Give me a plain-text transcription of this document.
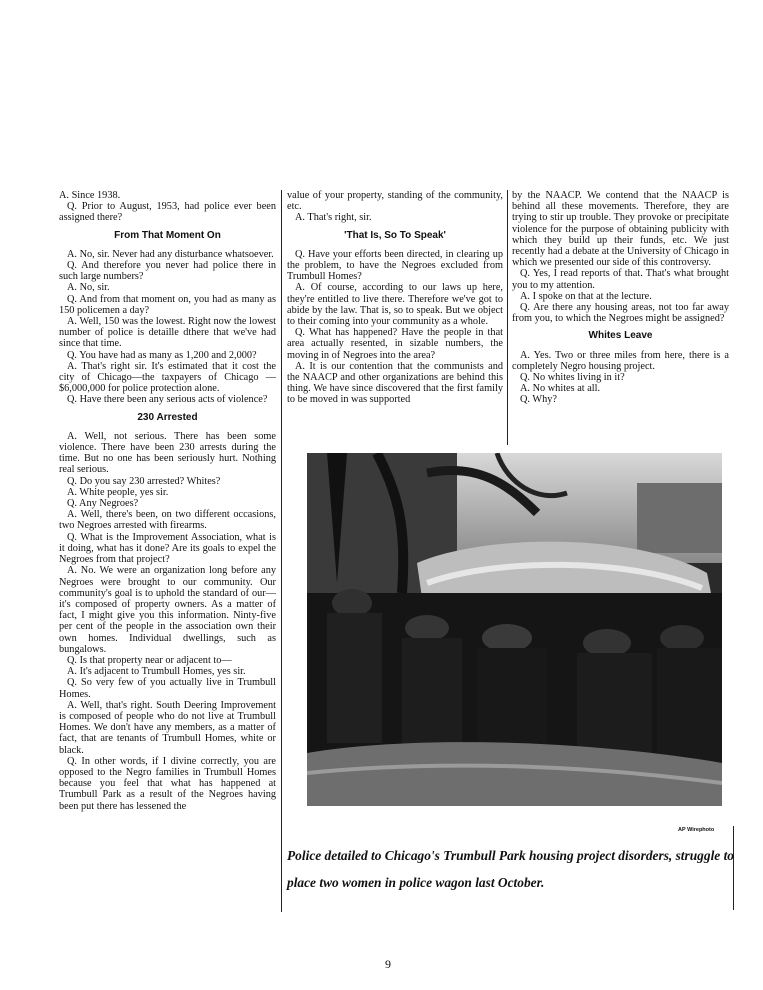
A. Since 1938.

Q. Prior to August, 1953, had police ever been assigned there?

From That Moment On

A. No, sir. Never had any disturbance whatsoever.

Q. And therefore you never had police there in such large numbers?

A. No, sir.

Q. And from that moment on, you had as many as 150 policemen a day?

A. Well, 150 was the lowest. Right now the lowest number of police is detaille dthere that we've had since that time.

Q. You have had as many as 1,200 and 2,000?

A. That's right sir. It's estimated that it cost the city of Chicago—the taxpayers of Chicago — $6,000,000 for police protection alone.

Q. Have there been any serious acts of violence?

230 Arrested

A. Well, not serious. There has been some violence. There have been 230 arrests during the time. But no one has been seriously hurt. Nothing real serious.

Q. Do you say 230 arrested? Whites?

A. White people, yes sir.

Q. Any Negroes?

A. Well, there's been, on two different occasions, two Negroes arrested with firearms.

Q. What is the Improvement Association, what is it doing, what has it done? Are its goals to expel the Negroes from that project?

A. No. We were an organization long before any Negroes were brought to our community. Our community's goal is to uphold the standard of our—it's composed of property owners. As a matter of fact, I might give you this information. Ninty-five per cent of the people in the association own their own homes. Individual dwellings, such as bungalows.

Q. Is that property near or adjacent to—

A. It's adjacent to Trumbull Homes, yes sir.

Q. So very few of you actually live in Trumbull Homes.

A. Well, that's right. South Deering Improvement is composed of people who do not live at Trumbull Homes. We don't have any members, as a matter of fact, that are tenants of Trumbull Homes, white or black.

Q. In other words, if I divine correctly, you are opposed to the Negro families in Trumbull Homes because you feel that what has happened at Trumbull Park as a result of the Negroes having been put there has lessened the

value of your property, standing of the community, etc.

A. That's right, sir.

'That Is, So To Speak'

Q. Have your efforts been directed, in clearing up the problem, to have the Negroes excluded from Trumbull Homes?

A. Of course, according to our laws up here, they're entitled to live there. Therefore we've got to abide by the law. That is, so to speak. But we object to their coming into your community as a whole.

Q. What has happened? Have the people in that area actually resented, in sizable numbers, the moving in of Negroes into the area?

A. It is our contention that the communists and the NAACP and other organizations are behind this thing. We have since discovered that the first family to be moved in was supported

by the NAACP. We contend that the NAACP is behind all these movements. Therefore, they are trying to stir up trouble. They provoke or precipitate violence for the purpose of obtaining publicity with which they build up their funds, etc. We just recently had a debate at the University of Chicago in which we presented our side of this controversy.

Q. Yes, I read reports of that. That's what brought you to my attention.

A. I spoke on that at the lecture.

Q. Are there any housing areas, not too far away from you, to which the Negroes might be assigned?

Whites Leave

A. Yes. Two or three miles from here, there is a completely Negro housing project.

Q. No whites living in it?

A. No whites at all.

Q. Why?

AP Wirephoto
Police detailed to Chicago's Trumbull Park housing project disorders, struggle to place two women in police wagon last October.
9
